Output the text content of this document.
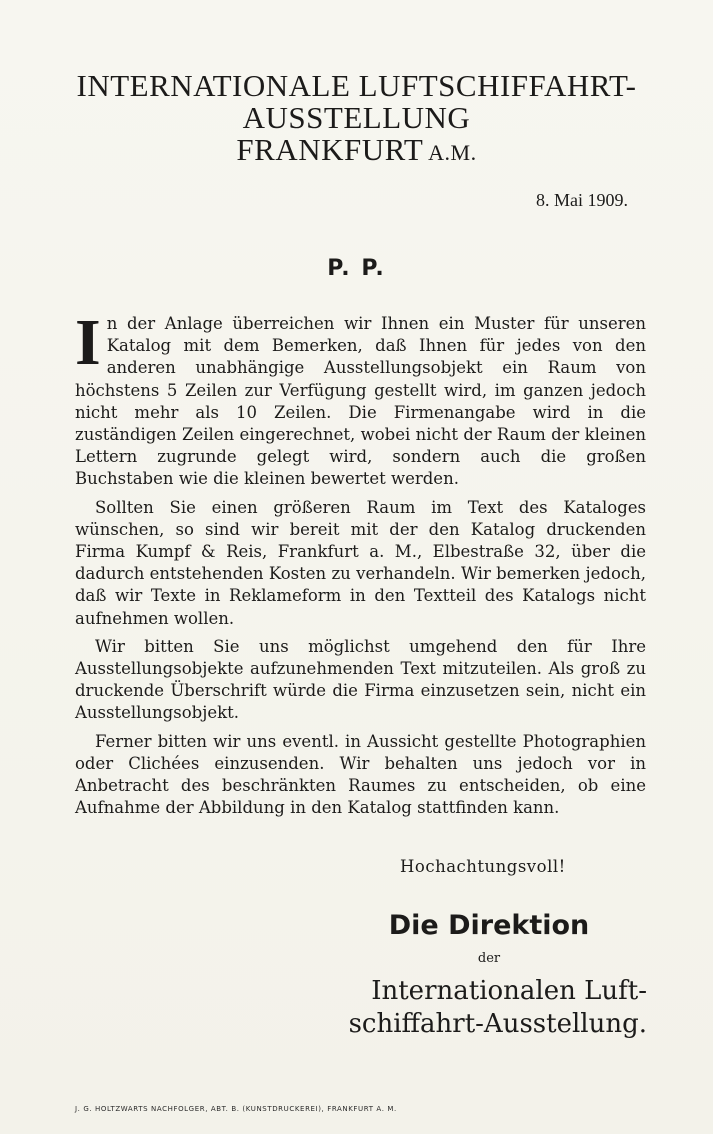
INTERNATIONALE LUFTSCHIFFAHRT-
AUSSTELLUNG
FRANKFURT A.M.
8. Mai 1909.
P. P.

In der Anlage überreichen wir Ihnen ein Muster für unseren Katalog mit dem Bemerken, daß Ihnen für jedes von den anderen unabhängige Ausstellungsobjekt ein Raum von höchstens 5 Zeilen zur Verfügung gestellt wird, im ganzen jedoch nicht mehr als 10 Zeilen. Die Firmenangabe wird in die zuständigen Zeilen eingerechnet, wobei nicht der Raum der kleinen Lettern zugrunde gelegt wird, sondern auch die großen Buchstaben wie die kleinen bewertet werden.

Sollten Sie einen größeren Raum im Text des Kataloges wünschen, so sind wir bereit mit der den Katalog druckenden Firma Kumpf & Reis, Frankfurt a. M., Elbestraße 32, über die dadurch entstehenden Kosten zu verhandeln. Wir bemerken jedoch, daß wir Texte in Reklameform in den Textteil des Katalogs nicht aufnehmen wollen.

Wir bitten Sie uns möglichst umgehend den für Ihre Ausstellungsobjekte aufzunehmenden Text mitzuteilen. Als groß zu druckende Überschrift würde die Firma einzusetzen sein, nicht ein Ausstellungsobjekt.

Ferner bitten wir uns eventl. in Aussicht gestellte Photographien oder Clichées einzusenden. Wir behalten uns jedoch vor in Anbetracht des beschränkten Raumes zu entscheiden, ob eine Aufnahme der Abbildung in den Katalog stattfinden kann.

Hochachtungsvoll!
Die Direktion
der
Internationalen Luft-
schiffahrt-Ausstellung.
J. G. HOLTZWARTS NACHFOLGER, ABT. B. (KUNSTDRUCKEREI), FRANKFURT A. M.
